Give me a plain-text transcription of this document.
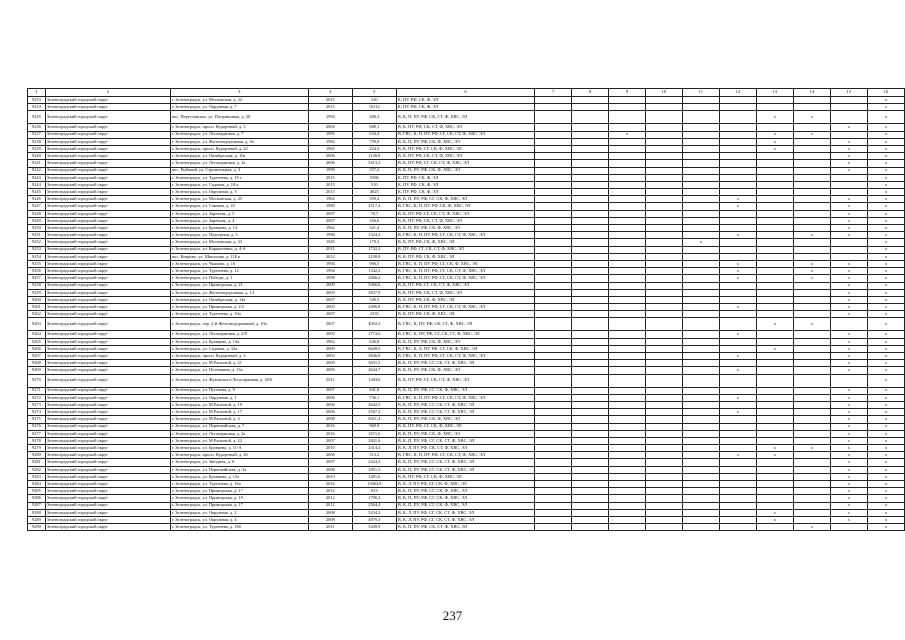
1	2	3	4	5	6	7	8	9	10	11	12	13	14	15	16
9233	Зеленоградский городской округ	г. Зеленоградск, ул. Московская, д. 22	2015	520	К, ПУ, РФ, СК, Ф, ЭЛ										x
9234	Зеленоградский городской округ	г. Зеленоградск, ул. Окружная, д. 7	2015	10112	К, ПУ, РФ, СК, Ф, ЭЛ										x
9235	Зеленоградский городской округ	пос. Переславское, ул. Пограничная, д. 20	1994	400,3	В, К, П, ПУ, РФ, СК, СТ, Ф, ХВС, ЭЛ							x	x		x
9236	Зеленоградский городской округ	г. Зеленоградск, просп. Курортный, д. 3	2004	680,1	В, К, ПУ, РФ, СК, СТ, Ф, ХВС, ЭЛ									x	x
9237	Зеленоградский городской округ	г. Зеленоградск, ул. Лесопарковая, д. 7	1985	634,4	В, ГВС, К, П, ПУ, РФ, СГ, СК, СТ, Ф, ХВС, ЭЛ			x				x	x		x
9238	Зеленоградский городской округ	г. Зеленоградск, ул. Железнодорожная, д. 9а	1982	759,9	В, К, П, ПУ, РФ, СК, Ф, ХВС, ЭЛ							x		x	x
9239	Зеленоградский городской округ	г. Зеленоградск, просп. Курортный, д. 22	1965	224,3	В, К, ПУ, РФ, СГ, СК, Ф, ХВС, ЭЛ							x		x	x
9240	Зеленоградский городской округ	г. Зеленоградск, ул. Октябрьская, д. 10а	2006	1149,8	В, К, ПУ, РФ, СК, СТ, Ф, ХВС, ЭЛ									x	x
9241	Зеленоградский городской округ	г. Зеленоградск, ул. Лесопарковая, д. 2а	2006	5413,3	В, К, ПУ, РФ, СГ, СК, СТ, Ф, ХВС, ЭЛ									x	x
9242	Зеленоградский городской округ	пос. Рыбачий, ул. Строительная, д. 3	1999	357,2	В, К, П, ПУ, РФ, СК, Ф, ХВС, ЭЛ									x	x
9243	Зеленоградский городской округ	г. Зеленоградск, ул. Тургенева, д. 19 г	2015	5586	К, ПУ, РФ, СК, Ф, ЭЛ										x
9244	Зеленоградский городской округ	г. Зеленоградск, ул. Садовая, д. 18 а	2015	510	К, ПУ, РФ, СК, Ф, ЭЛ										x
9245	Зеленоградский городской округ	г. Зеленоградск, ул. Окружная, д. 3	2015	4625	К, ПУ, РФ, СК, Ф, ЭЛ										x
9246	Зеленоградский городской округ	г. Зеленоградск, ул. Московская, д. 25	1962	359,4	В, К, П, ПУ, РФ, СГ, СК, Ф, ХВС, ЭЛ						x			x	x
9247	Зеленоградский городской округ	г. Зеленоградск, ул. Саковая, д. 22	1980	2517,4	В, ГВС, К, П, ПУ, РФ, СК, Ф, ХВС, ЭЛ						x			x	x
9248	Зеленоградский городской округ	г. Зеленоградск, ул. Зареччая, д. 5	2007	78,7	В, К, ПУ, РФ, СГ, СК, СТ, Ф, ХВС, ЭЛ									x	x
9249	Зеленоградский городской округ	г. Зеленоградск, ул. Зареччая, д. 4	2007	356,6	В, К, ПУ, РФ, СК, СТ, Ф, ХВС, ЭЛ									x	x
9250	Зеленоградский городской округ	г. Зеленоградск, ул. Бровцева, д. 14	1962	321,4	В, К, П, ПУ, РФ, СК, Ф, ХВС, ЭЛ									x	x
9251	Зеленоградский городской округ	г. Зеленоградск, ул. Подгорная, д. 3	1996	1324,2	В, ГВС, К, П, ПУ, РФ, СГ, СК, СТ, Ф, ХВС, ЭЛ						x		x	x	x
9252	Зеленоградский городской округ	г. Зеленоградск, ул. Московская, д. 23	1945	179,3	В, К, ПУ, РФ, СК, Ф, ХВС, ЭЛ					x					x
9253	Зеленоградский городской округ	г. Зеленоградск, ул. Карькотенко, д. 4-А	2011	1732,2	В, ПУ, РФ, СГ, СК, СТ, Ф, ХВС, ЭЛ										x
9254	Зеленоградский городской округ	пос. Коврово, ул. Школьная, д. 11Б к	2012	2108,8	В, К, ПУ, РФ, СК, Ф, ХВС, ЭЛ										x
9255	Зеленоградский городской округ	г. Зеленоградск, ул. Чкалова, д. 16	1994	986,5	В, ГВС, К, П, ПУ, РФ, СГ, СК, Ф, ХВС, ЭЛ						x		x	x	x
9256	Зеленоградский городской округ	г. Зеленоградск, ул. Тургенева, д. 12	1994	1342,2	В, ГВС, К, П, ПУ, РФ, СГ, СК, СТ, Ф, ХВС, ЭЛ						x		x	x	x
9257	Зеленоградский городской округ	г. Зеленоградск, ул. Победы, д. 1	1998	2066,2	В, ГВС, К, П, ПУ, РФ, СГ, СК, СТ, Ф, ХВС, ЭЛ						x		x	x	x
9258	Зеленоградский городской округ	г. Зеленоградск, ул. Приморская, д. 21	2009	5466,6	В, К, ПУ, РФ, СГ, СК, СТ, Ф, ХВС, ЭЛ									x	x
9259	Зеленоградский городской округ	г. Зеленоградск, ул. Железнодорожная, д. 14	2003	3837,9	В, К, ПУ, РФ, СК, СТ, Ф, ХВС, ЭЛ									x	x
9260	Зеленоградский городской округ	г. Зеленоградск, ул. Октябрьская, д. 14а	2007	549,5	В, К, ПУ, РФ, СК, Ф, ХВС, ЭЛ									x	x
9261	Зеленоградский городской округ	г. Зеленоградск, ул. Приморская, д. 2/2	2003	2496,8	В, ГВС, К, П, ПУ, РФ, СГ, СК, СТ, Ф, ХВС, ЭЛ						x			x	x
9262	Зеленоградский городской округ	г. Зеленоградск, ул. Тургенева, д. 10а	2007	2335	В, К, ПУ, РФ, СК, Ф, ХВС, ЭЛ									x	x
9263	Зеленоградский городской округ	г. Зеленоградск, пер. 2-й Железнодорожный, д. 10а	2007	4092,3	В, ГВС, К, ПУ, РФ, СК, СТ, Ф, ХВС, ЭЛ							x	x		x
9264	Зеленоградский городской округ	г. Зеленоградск, ул. Лесопарковая, д. 2/8	2003	1774,6	В, ГВС, К, ПУ, РФ, СГ, СК, СТ, Ф, ХВС, ЭЛ						x			x	x
9265	Зеленоградский городской округ	г. Зеленоградск, ул. Бровцева, д. 14а	1962	626,8	В, К, П, ПУ, РФ, СК, Ф, ХВС, ЭЛ									x	x
9266	Зеленоградский городской округ	г. Зеленоградск, ул. Садовая, д. 32а	2009	6649,5	В, ГВС, К, Л, ПУ, РФ, СГ, СК, Ф, ХВС, ЭЛ							x		x	x
9267	Зеленоградский городской округ	г. Зеленоградск, просп. Курортный, д. 3	2003	3846,8	В, ГВС, К, П, ПУ, РФ, СГ, СК, СТ, Ф, ХВС, ЭЛ						x			x	x
9268	Зеленоградский городской округ	г. Зеленоградск, ул. М.Расковой, д. 21	2005	5631,3	В, К, П, ПУ, РФ, СГ, СК, СТ, Ф, ХВС, ЭЛ									x	x
9269	Зеленоградский городской округ	г. Зеленоградск, ул. Потемкина, д. 13а	2005	2644,7	В, К, П, ПУ, РФ, СК, Ф, ХВС, ЭЛ						x			x	x
9270	Зеленоградский городской округ	г. Зеленоградск, ул. Жуковского/Лесопарковая, д. 2б/6	2011	1484,6	В, К, ПУ, РФ, СГ, СК, СТ, Ф, ХВС, ЭЛ										x
9271	Зеленоградский городской округ	г. Зеленоградск, ул. Пугачева, д. 9	2007	841,8	В, К, П, ПУ, РФ, СГ, СК, Ф, ХВС, ЭЛ									x	x
9272	Зеленоградский городской округ	г. Зеленоградск, ул. Окружная, д. 1	2006	736,1	В, ГВС, К, П, ПУ, РФ, СГ, СК, СТ, Ф, ХВС, ЭЛ						x			x	x
9273	Зеленоградский городской округ	г. Зеленоградск, ул. М.Расковой, д. 19	2006	3642,5	В, К, П, ПУ, РФ, СГ, СК, СТ, Ф, ХВС, ЭЛ									x	x
9274	Зеленоградский городской округ	г. Зеленоградск, ул. М.Расковой, д. 17	2006	2567,2	В, К, П, ПУ, РФ, СГ, СК, СТ, Ф, ХВС, ЭЛ						x			x	x
9275	Зеленоградский городской округ	г. Зеленоградск, ул. М.Расковой, д. 4	2008	8411,4	В, К, П, ПУ, РФ, СК, Ф, ХВС, ЭЛ									x	x
9276	Зеленоградский городской округ	г. Зеленоградск, ул. Первомайская, д. 7	2016	960,9	В, К, ПУ, РФ, СГ, СК, Ф, ХВС, ЭЛ									x	x
9277	Зеленоградский городской округ	г. Зеленоградск, ул. Лесопарковая, д. 2а	2016	1671,6	В, К, П, ПУ, РФ, СК, Ф, ХВС, ЭЛ									x	x
9278	Зеленоградский городской округ	г. Зеленоградск, ул. М.Расковой, д. 22	2007	2841,6	В, К, П, ПУ, РФ, СГ, СК, СТ, Ф, ХВС, ЭЛ									x	x
9279	Зеленоградский городской округ	г. Зеленоградск, ул. Бровцева, д. 11-А	2010	2314,4	В, К, Л, ПУ, РФ, СК, СТ, Ф, ХВС, ЭЛ							x	x	x	x
9280	Зеленоградский городской округ	г. Зеленоградск, просп. Курортный, д. 26	2006	513,2	В, ГВС, К, П, ПУ, РФ, СГ, СК, СТ, Ф, ХВС, ЭЛ						x	x		x	x
9281	Зеленоградский городской округ	г. Зеленоградск, ул. Звездная, д. 6	2007	2424,3	В, К, П, ПУ, РФ, СГ, СК, СТ, Ф, ХВС, ЭЛ									x	x
9282	Зеленоградский городской округ	г. Зеленоградск, ул. Первомайская, д. 3а	2008	1851,3	В, К, П, ПУ, РФ, СГ, СК, СТ, Ф, ХВС, ЭЛ									x	x
9283	Зеленоградский городской округ	г. Зеленоградск, ул. Бровцева, д. 15а	2010	1481,6	В, К, ПУ, РФ, СГ, СК, Ф, ХВС, ЭЛ									x	x
9284	Зеленоградский городской округ	г. Зеленоградск, ул. Тургенева, д. 16а	2016	15064,8	В, К, Л, ПУ, РФ, СГ, СК, Ф, ХВС, ЭЛ									x	x
9285	Зеленоградский городской округ	г. Зеленоградск, ул. Приморская, д. 17	2012	813	В, К, П, ПУ, РФ, СГ, СК, Ф, ХВС, ЭЛ									x	x
9286	Зеленоградский городской округ	г. Зеленоградск, ул. Приморская, д. 19	2012	1796,3	В, К, П, ПУ, РФ, СГ, СК, Ф, ХВС, ЭЛ									x	x
9287	Зеленоградский городской округ	г. Зеленоградск, ул. Приморская, д. 17	2012	2564,4	В, К, П, ПУ, РФ, СГ, СК, Ф, ХВС, ЭЛ									x	x
9288	Зеленоградский городской округ	г. Зеленоградск, ул. Окружная, д. 2	2008	5234,2	В, К, Л, ПУ, РФ, СГ, СК, СТ, Ф, ХВС, ЭЛ							x		x	x
9289	Зеленоградский городской округ	г. Зеленоградск, ул. Окружная, д. 4	2008	4879,3	В, К, Л, ПУ, РФ, СГ, СК, СТ, Ф, ХВС, ЭЛ							x		x	x
9290	Зеленоградский городской округ	г. Зеленоградск, ул. Тургенева, д. 16б	2011	5449,9	В, К, П, ПУ, РФ, СК, СТ, Ф, ХВС, ЭЛ								x		x
237
